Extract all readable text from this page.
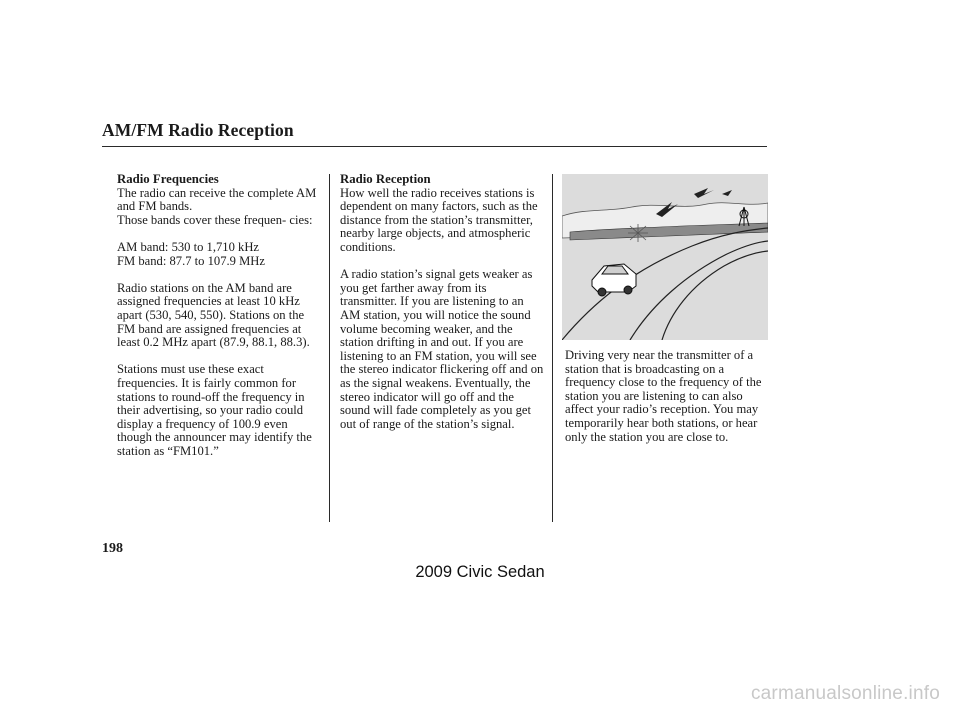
AM/FM Radio Reception
Radio Frequencies
The radio can receive the complete AM and FM bands.

Those bands cover these frequen- cies:

AM band: 530 to 1,710 kHz

FM band: 87.7 to 107.9 MHz

Radio stations on the AM band are assigned frequencies at least 10 kHz apart (530, 540, 550). Stations on the FM band are assigned frequencies at least 0.2 MHz apart (87.9, 88.1, 88.3).

Stations must use these exact frequencies. It is fairly common for stations to round-off the frequency in their advertising, so your radio could display a frequency of 100.9 even though the announcer may identify the station as “FM101.”

Radio Reception

How well the radio receives stations is dependent on many factors, such as the distance from the station’s transmitter, nearby large objects, and atmospheric conditions.

A radio station’s signal gets weaker as you get farther away from its transmitter. If you are listening to an AM station, you will notice the sound volume becoming weaker, and the station drifting in and out. If you are listening to an FM station, you will see the stereo indicator flickering off and on as the signal weakens. Eventually, the stereo indicator will go off and the sound will fade completely as you get out of range of the station’s signal.

Driving very near the transmitter of a station that is broadcasting on a frequency close to the frequency of the station you are listening to can also affect your radio’s reception. You may temporarily hear both stations, or hear only the station you are close to.

198
2009 Civic Sedan
carmanualsonline.info
